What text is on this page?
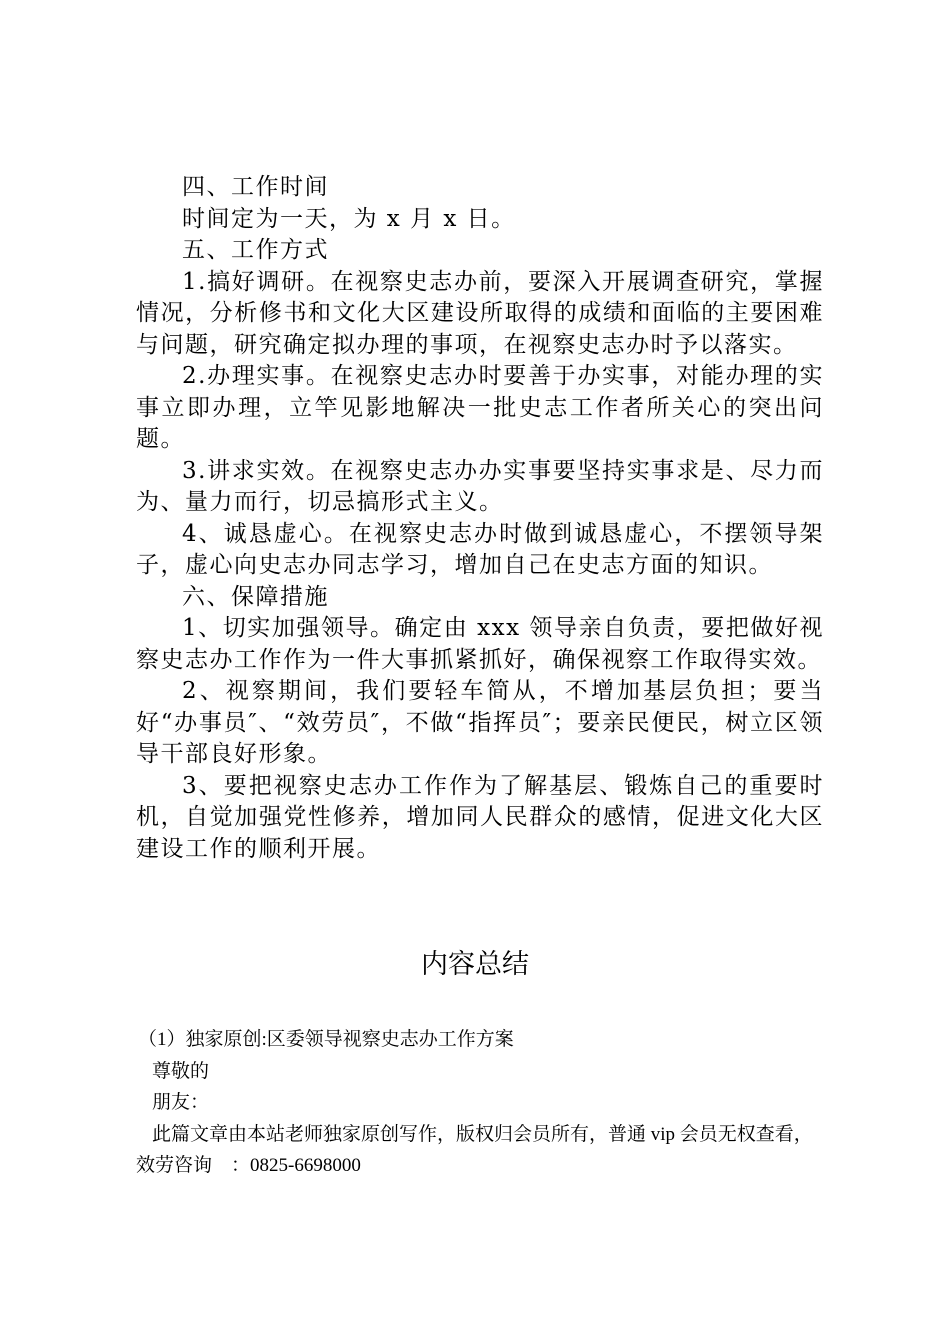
四、工作时间

时间定为一天，为 x 月 x 日。

五、工作方式

1.搞好调研。在视察史志办前，要深入开展调查研究，掌握情况，分析修书和文化大区建设所取得的成绩和面临的主要困难与问题，研究确定拟办理的事项，在视察史志办时予以落实。

2.办理实事。在视察史志办时要善于办实事，对能办理的实事立即办理，立竿见影地解决一批史志工作者所关心的突出问题。

3.讲求实效。在视察史志办办实事要坚持实事求是、尽力而为、量力而行，切忌搞形式主义。

4、诚恳虚心。在视察史志办时做到诚恳虚心，不摆领导架子，虚心向史志办同志学习，增加自己在史志方面的知识。

六、保障措施

1、切实加强领导。确定由 xxx 领导亲自负责，要把做好视察史志办工作作为一件大事抓紧抓好，确保视察工作取得实效。

2、视察期间，我们要轻车简从，不增加基层负担；要当好“办事员″、“效劳员″，不做“指挥员″；要亲民便民，树立区领导干部良好形象。

3、要把视察史志办工作作为了解基层、锻炼自己的重要时机，自觉加强党性修养，增加同人民群众的感情，促进文化大区建设工作的顺利开展。

内容总结

（1）独家原创:区委领导视察史志办工作方案

尊敬的

朋友：

此篇文章由本站老师独家原创写作，版权归会员所有，普通 vip 会员无权查看，效劳咨询　：0825-6698000
